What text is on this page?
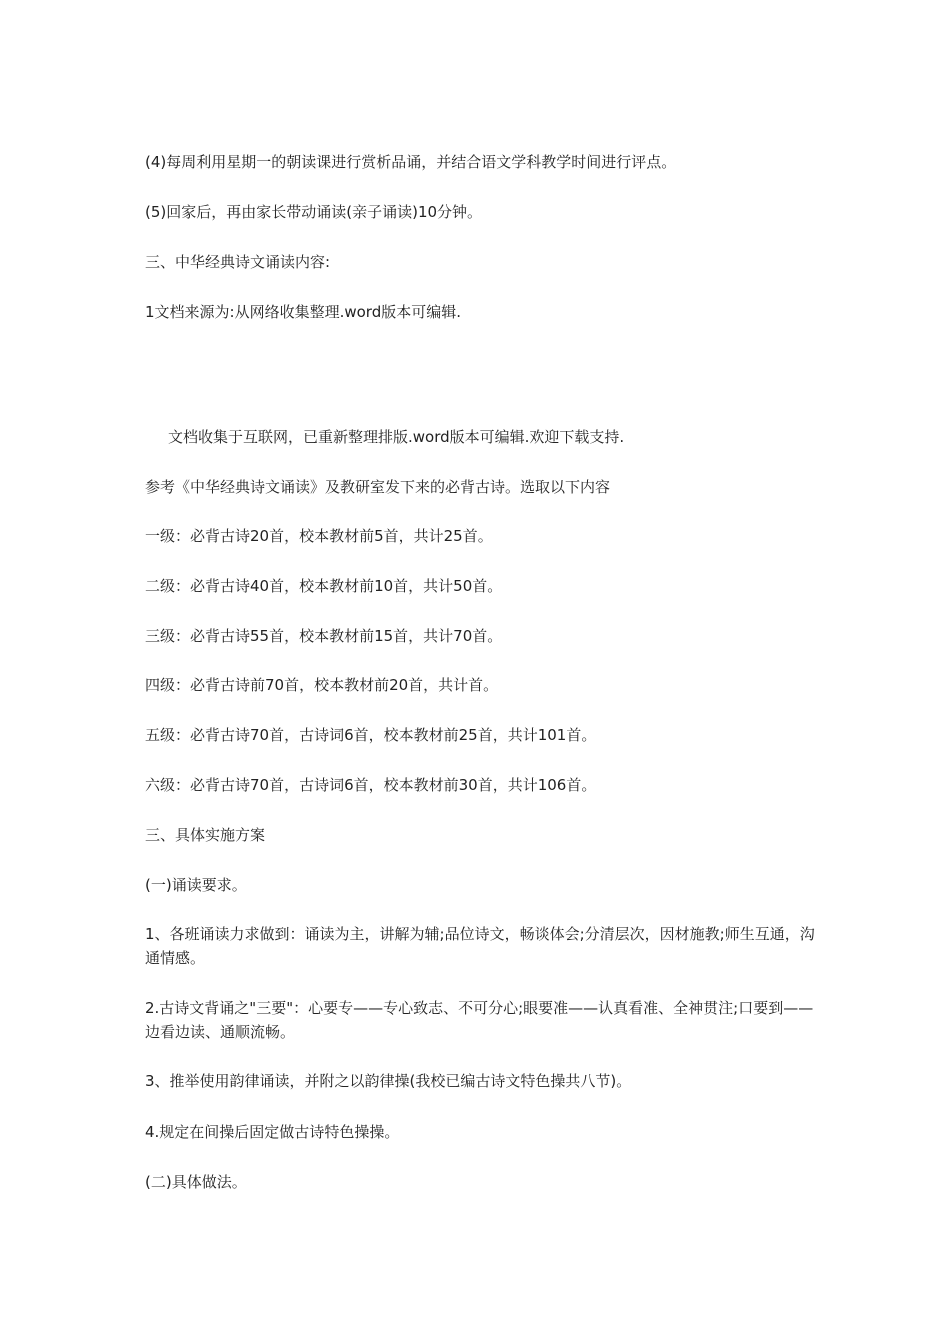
(4)每周利用星期一的朝读课进行赏析品诵，并结合语文学科教学时间进行评点。

(5)回家后，再由家长带动诵读(亲子诵读)10分钟。

三、中华经典诗文诵读内容:

1文档来源为:从网络收集整理.word版本可编辑.

文档收集于互联网，已重新整理排版.word版本可编辑.欢迎下载支持.

参考《中华经典诗文诵读》及教研室发下来的必背古诗。选取以下内容

一级：必背古诗20首，校本教材前5首，共计25首。

二级：必背古诗40首，校本教材前10首，共计50首。

三级：必背古诗55首，校本教材前15首，共计70首。

四级：必背古诗前70首，校本教材前20首，共计首。

五级：必背古诗70首，古诗词6首，校本教材前25首，共计101首。

六级：必背古诗70首，古诗词6首，校本教材前30首，共计106首。

三、具体实施方案

(一)诵读要求。

1、各班诵读力求做到：诵读为主，讲解为辅;品位诗文，畅谈体会;分清层次，因材施教;师生互通，沟通情感。

2.古诗文背诵之"三要"：心要专——专心致志、不可分心;眼要准——认真看准、全神贯注;口要到——边看边读、通顺流畅。

3、推举使用韵律诵读，并附之以韵律操(我校已编古诗文特色操共八节)。

4.规定在间操后固定做古诗特色操操。

(二)具体做法。
